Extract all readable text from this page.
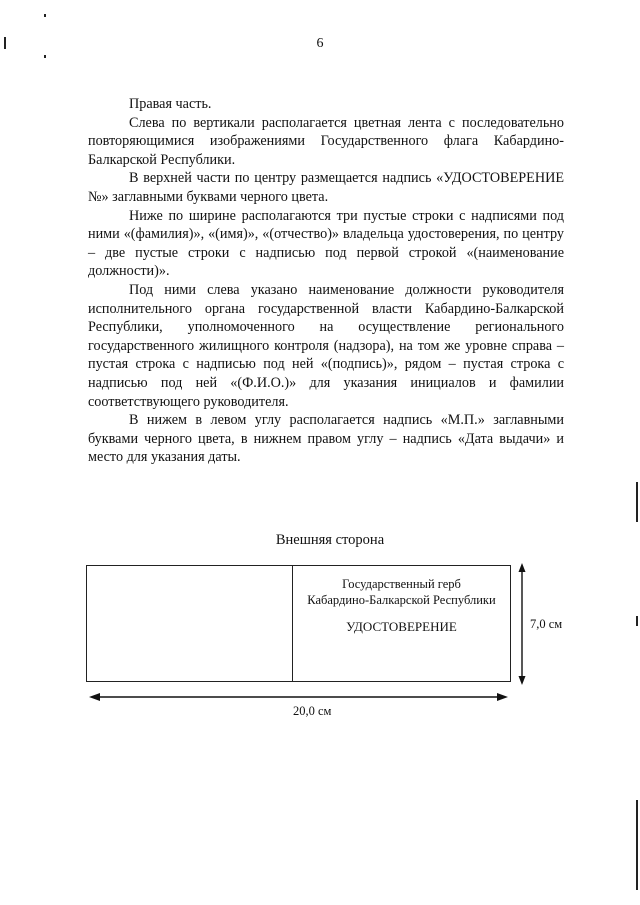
6

Правая часть.

Слева по вертикали располагается цветная лента с последовательно повторяющимися изображениями Государственного флага Кабардино-Балкарской Республики.

В верхней части по центру размещается надпись «УДОСТОВЕРЕНИЕ №» заглавными буквами черного цвета.

Ниже по ширине располагаются три пустые строки с надписями под ними «(фамилия)», «(имя)», «(отчество)» владельца удостоверения, по центру – две пустые строки с надписью под первой строкой «(наименование должности)».

Под ними слева указано наименование должности руководителя исполнительного органа государственной власти Кабардино-Балкарской Республики, уполномоченного на осуществление регионального государственного жилищного контроля (надзора), на том же уровне справа – пустая строка с надписью под ней «(подпись)», рядом – пустая строка с надписью под ней «(Ф.И.О.)» для указания инициалов и фамилии соответствующего руководителя.

В нижем в левом углу располагается надпись «М.П.» заглавными буквами черного цвета, в нижнем правом углу – надпись «Дата выдачи» и место для указания даты.

Внешняя сторона
Государственный герб
Кабардино-Балкарской Республики
УДОСТОВЕРЕНИЕ	7,0 см
20,0 см
